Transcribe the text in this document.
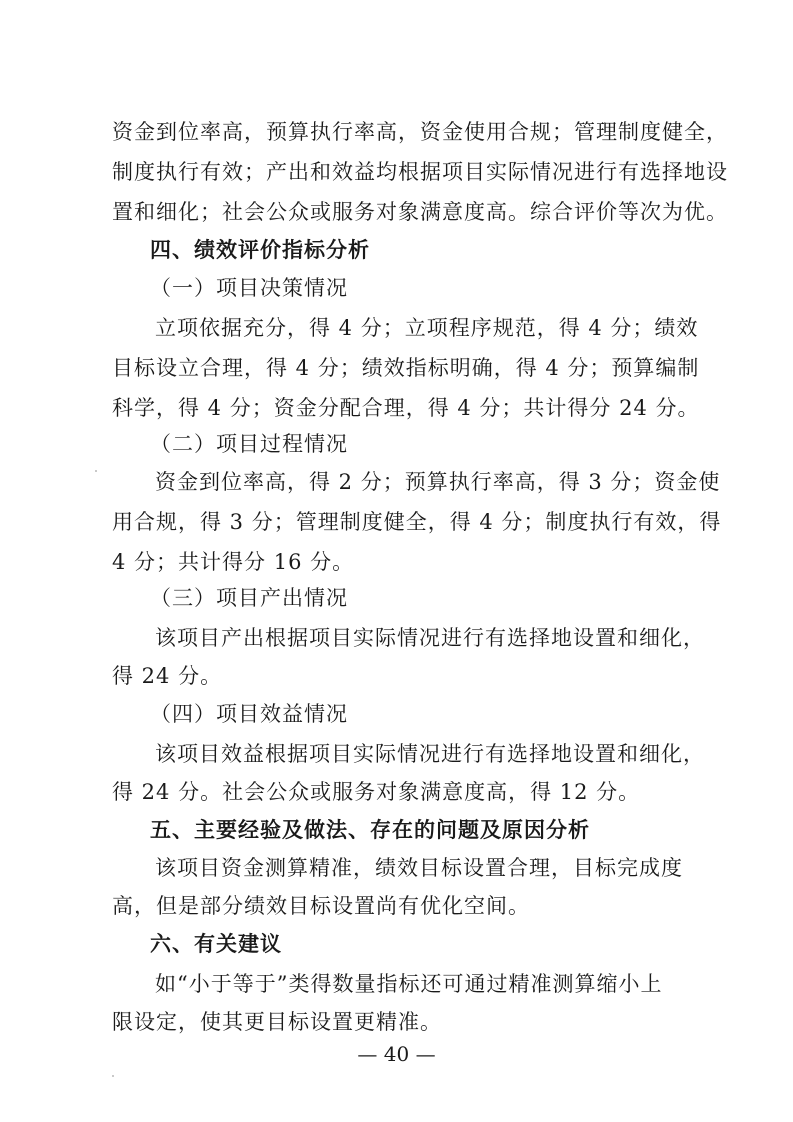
资金到位率高，预算执行率高，资金使用合规；管理制度健全，
制度执行有效；产出和效益均根据项目实际情况进行有选择地设
置和细化；社会公众或服务对象满意度高。综合评价等次为优。
四、绩效评价指标分析
（一）项目决策情况
立项依据充分，得 4 分；立项程序规范，得 4 分；绩效
目标设立合理，得 4 分；绩效指标明确，得 4 分；预算编制
科学，得 4 分；资金分配合理，得 4 分；共计得分 24 分。
（二）项目过程情况
资金到位率高，得 2 分；预算执行率高，得 3 分；资金使
用合规，得 3 分；管理制度健全，得 4 分；制度执行有效，得
4 分；共计得分 16 分。
（三）项目产出情况
该项目产出根据项目实际情况进行有选择地设置和细化，
得 24 分。
（四）项目效益情况
该项目效益根据项目实际情况进行有选择地设置和细化，
得 24 分。社会公众或服务对象满意度高，得 12 分。
五、主要经验及做法、存在的问题及原因分析
该项目资金测算精准，绩效目标设置合理，目标完成度
高，但是部分绩效目标设置尚有优化空间。
六、有关建议
如“小于等于”类得数量指标还可通过精准测算缩小上
限设定，使其更目标设置更精准。
— 40 —
